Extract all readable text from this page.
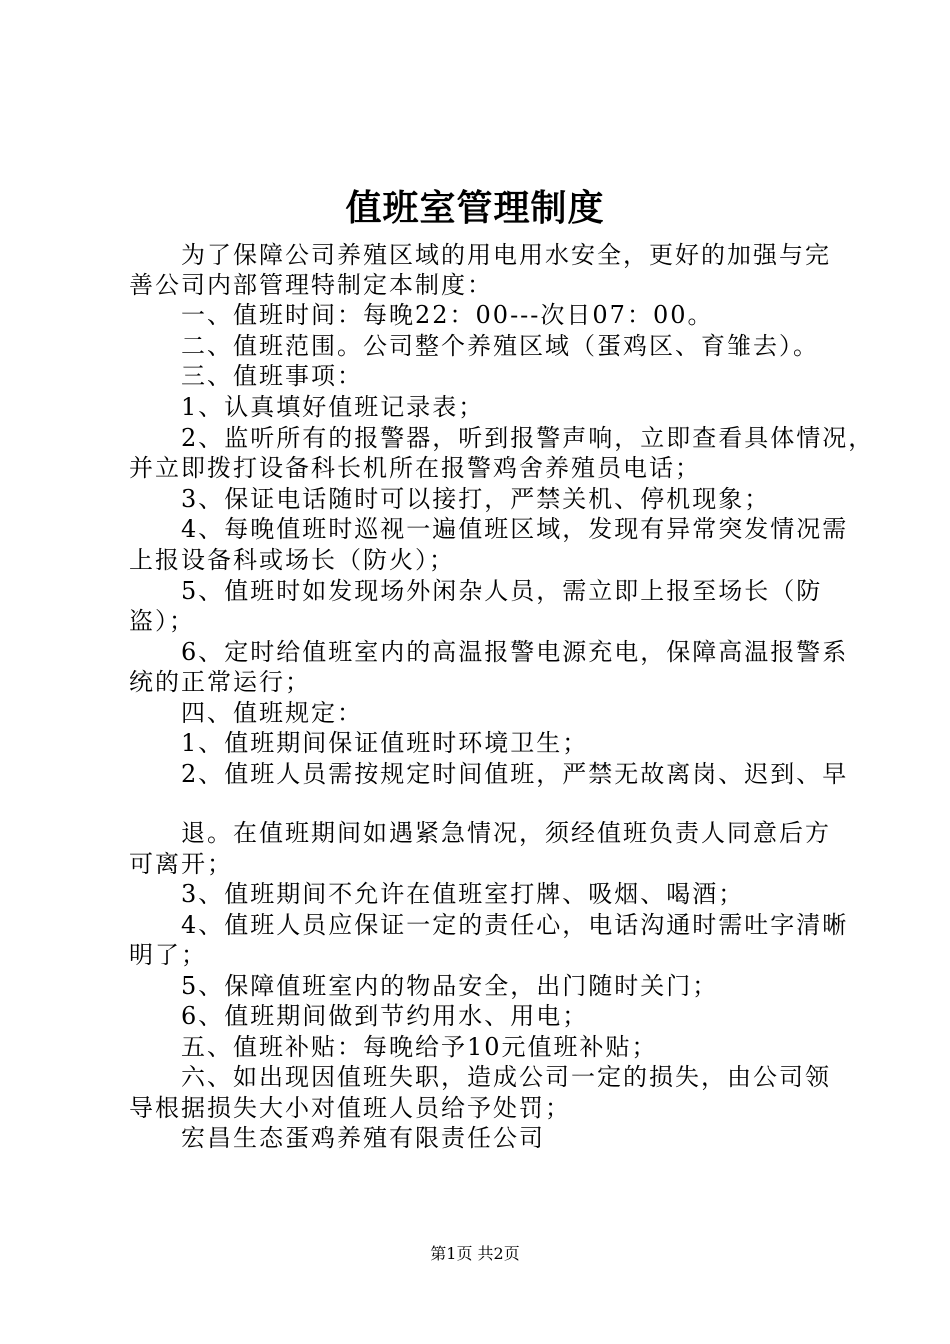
值班室管理制度
　　为了保障公司养殖区域的用电用水安全，更好的加强与完
善公司内部管理特制定本制度：
　　一、值班时间：每晚22：00---次日07：00。
　　二、值班范围。公司整个养殖区域（蛋鸡区、育雏去）。
　　三、值班事项：
　　1、认真填好值班记录表；
　　2、监听所有的报警器，听到报警声响，立即查看具体情况，
并立即拨打设备科长机所在报警鸡舍养殖员电话；
　　3、保证电话随时可以接打，严禁关机、停机现象；
　　4、每晚值班时巡视一遍值班区域，发现有异常突发情况需
上报设备科或场长（防火）；
　　5、值班时如发现场外闲杂人员，需立即上报至场长（防
盗）；
　　6、定时给值班室内的高温报警电源充电，保障高温报警系
统的正常运行；
　　四、值班规定：
　　1、值班期间保证值班时环境卫生；
　　2、值班人员需按规定时间值班，严禁无故离岗、迟到、早
　　退。在值班期间如遇紧急情况，须经值班负责人同意后方
可离开；
　　3、值班期间不允许在值班室打牌、吸烟、喝酒；
　　4、值班人员应保证一定的责任心，电话沟通时需吐字清晰
明了；
　　5、保障值班室内的物品安全，出门随时关门；
　　6、值班期间做到节约用水、用电；
　　五、值班补贴：每晚给予10元值班补贴；
　　六、如出现因值班失职，造成公司一定的损失，由公司领
导根据损失大小对值班人员给予处罚；
　　宏昌生态蛋鸡养殖有限责任公司
第1页 共2页
